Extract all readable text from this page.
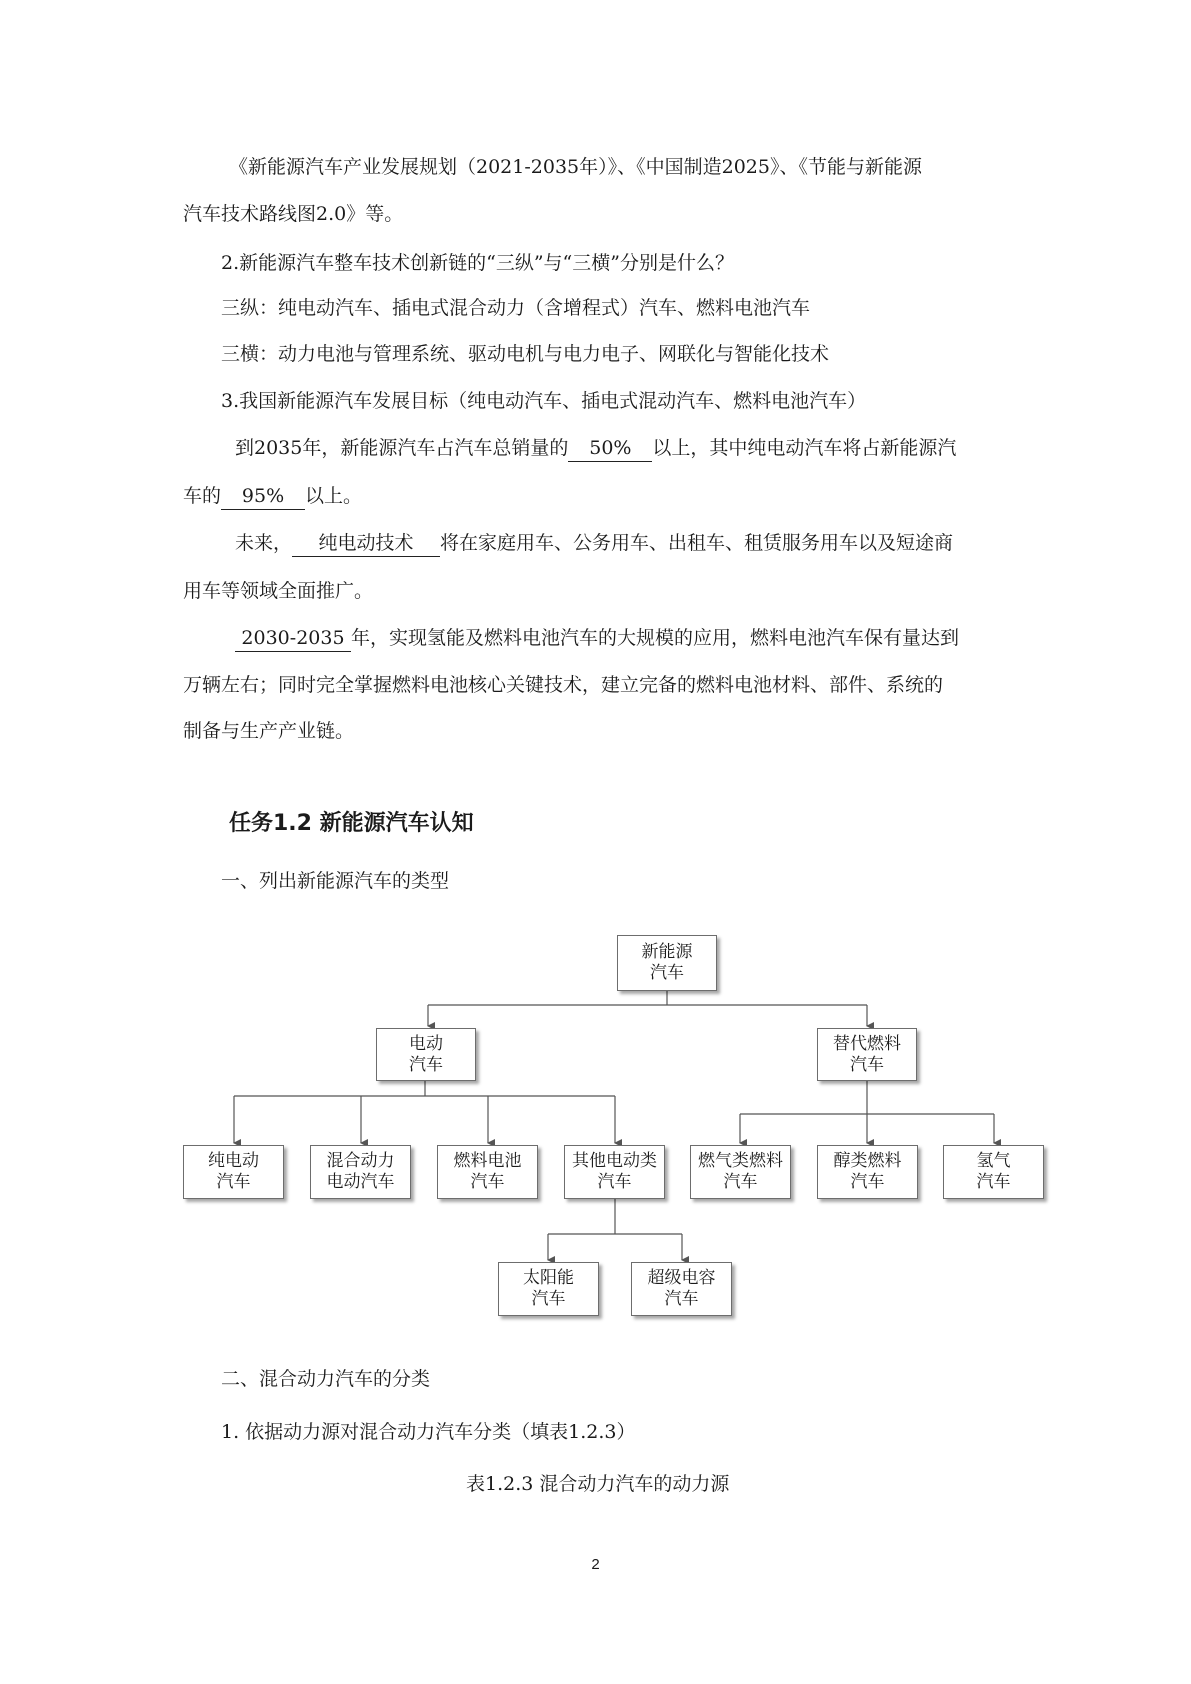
《新能源汽车产业发展规划（2021-2035年）》、《中国制造2025》、《节能与新能源
汽车技术路线图2.0》等。
2.新能源汽车整车技术创新链的“三纵”与“三横”分别是什么？
三纵：纯电动汽车、插电式混合动力（含增程式）汽车、燃料电池汽车
三横：动力电池与管理系统、驱动电机与电力电子、网联化与智能化技术
3.我国新能源汽车发展目标（纯电动汽车、插电式混动汽车、燃料电池汽车）
到2035年，新能源汽车占汽车总销量的 50% 以上，其中纯电动汽车将占新能源汽
车的 95% 以上。
未来， 纯电动技术 将在家庭用车、公务用车、出租车、租赁服务用车以及短途商
用车等领域全面推广。
2030-2035 年，实现氢能及燃料电池汽车的大规模的应用，燃料电池汽车保有量达到
万辆左右；同时完全掌握燃料电池核心关键技术，建立完备的燃料电池材料、部件、系统的
制备与生产产业链。
任务1.2 新能源汽车认知
一、列出新能源汽车的类型
新能源
汽车
电动
汽车
替代燃料
汽车
纯电动
汽车
混合动力
电动汽车
燃料电池
汽车
其他电动类
汽车
燃气类燃料
汽车
醇类燃料
汽车
氢气
汽车
太阳能
汽车
超级电容
汽车
二、混合动力汽车的分类
1. 依据动力源对混合动力汽车分类（填表1.2.3）
表1.2.3 混合动力汽车的动力源
2
